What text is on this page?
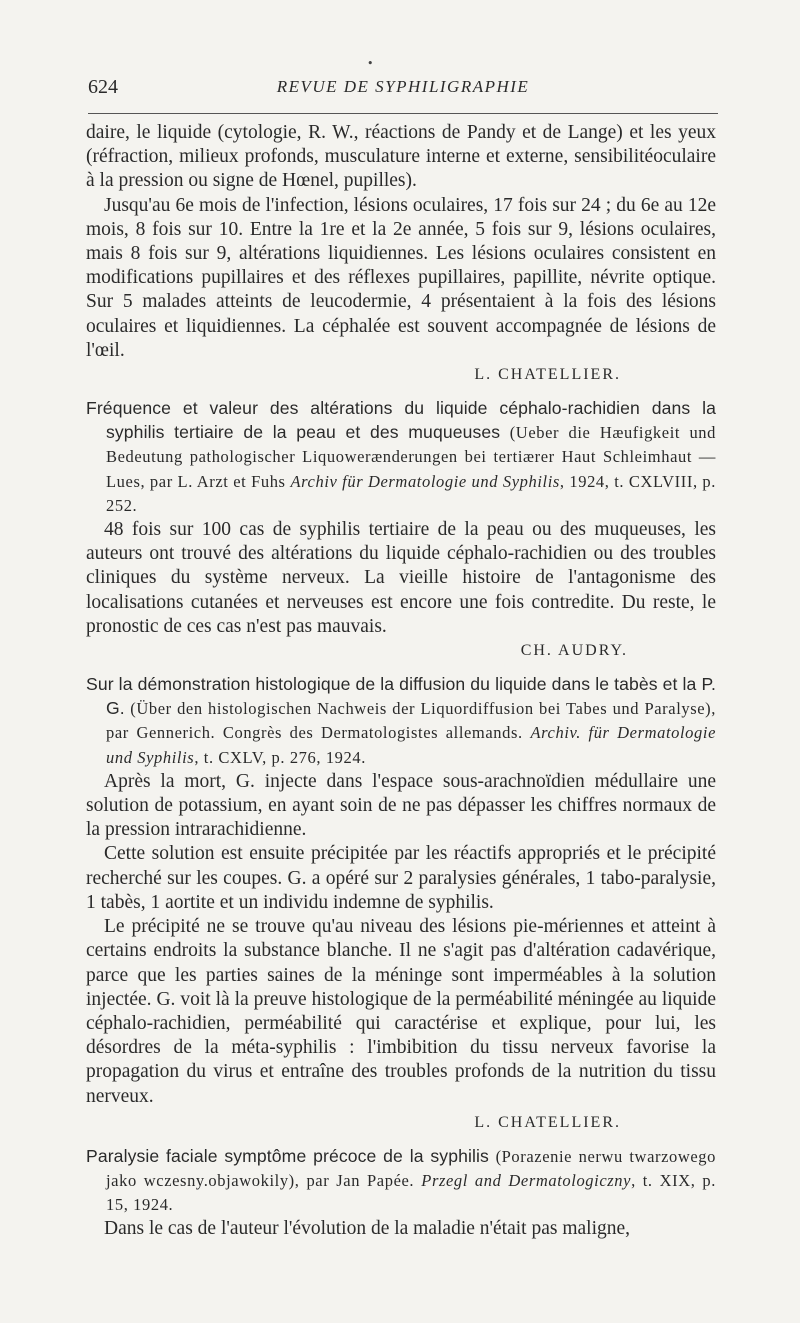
•
624	REVUE DE SYPHILIGRAPHIE

daire, le liquide (cytologie, R. W., réactions de Pandy et de Lange) et les yeux (réfraction, milieux profonds, musculature interne et externe, sensibilitéoculaire à la pression ou signe de Hœnel, pupilles).

Jusqu'au 6e mois de l'infection, lésions oculaires, 17 fois sur 24 ; du 6e au 12e mois, 8 fois sur 10. Entre la 1re et la 2e année, 5 fois sur 9, lésions oculaires, mais 8 fois sur 9, altérations liquidiennes. Les lésions oculaires consistent en modifications pupillaires et des réflexes pupillaires, papillite, névrite optique. Sur 5 malades atteints de leucodermie, 4 présentaient à la fois des lésions oculaires et liquidiennes. La céphalée est souvent accompagnée de lésions de l'œil.

L. CHATELLIER.

Fréquence et valeur des altérations du liquide céphalo-rachidien dans la syphilis tertiaire de la peau et des muqueuses (Ueber die Hæufigkeit und Bedeutung pathologischer Liquowerænderungen bei tertiærer Haut Schleimhaut — Lues, par L. Arzt et Fuhs Archiv für Dermatologie und Syphilis, 1924, t. CXLVIII, p. 252.

48 fois sur 100 cas de syphilis tertiaire de la peau ou des muqueuses, les auteurs ont trouvé des altérations du liquide céphalo-rachidien ou des troubles cliniques du système nerveux. La vieille histoire de l'antagonisme des localisations cutanées et nerveuses est encore une fois contredite. Du reste, le pronostic de ces cas n'est pas mauvais.

CH. AUDRY.

Sur la démonstration histologique de la diffusion du liquide dans le tabès et la P. G. (Über den histologischen Nachweis der Liquordiffusion bei Tabes und Paralyse), par Gennerich. Congrès des Dermatologistes allemands. Archiv. für Dermatologie und Syphilis, t. CXLV, p. 276, 1924.

Après la mort, G. injecte dans l'espace sous-arachnoïdien médullaire une solution de potassium, en ayant soin de ne pas dépasser les chiffres normaux de la pression intrarachidienne.

Cette solution est ensuite précipitée par les réactifs appropriés et le précipité recherché sur les coupes. G. a opéré sur 2 paralysies générales, 1 tabo-paralysie, 1 tabès, 1 aortite et un individu indemne de syphilis.

Le précipité ne se trouve qu'au niveau des lésions pie-mériennes et atteint à certains endroits la substance blanche. Il ne s'agit pas d'altération cadavérique, parce que les parties saines de la méninge sont imperméables à la solution injectée. G. voit là la preuve histologique de la perméabilité méningée au liquide céphalo-rachidien, perméabilité qui caractérise et explique, pour lui, les désordres de la méta-syphilis : l'imbibition du tissu nerveux favorise la propagation du virus et entraîne des troubles profonds de la nutrition du tissu nerveux.

L. CHATELLIER.

Paralysie faciale symptôme précoce de la syphilis (Porazenie nerwu twarzowego jako wczesny.objawokily), par Jan Papée. Przegl and Dermatologiczny, t. XIX, p. 15, 1924.

Dans le cas de l'auteur l'évolution de la maladie n'était pas maligne,
